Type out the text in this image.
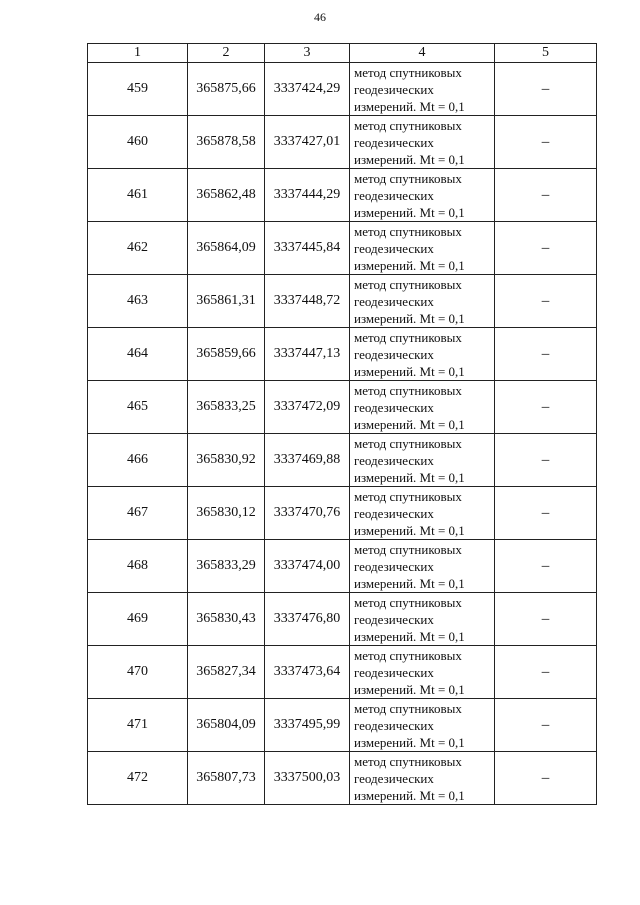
46
1	2	3	4	5
459	365875,66	3337424,29	метод спутниковых
геодезических
измерений. Mt = 0,1	–
460	365878,58	3337427,01	метод спутниковых
геодезических
измерений. Mt = 0,1	–
461	365862,48	3337444,29	метод спутниковых
геодезических
измерений. Mt = 0,1	–
462	365864,09	3337445,84	метод спутниковых
геодезических
измерений. Mt = 0,1	–
463	365861,31	3337448,72	метод спутниковых
геодезических
измерений. Mt = 0,1	–
464	365859,66	3337447,13	метод спутниковых
геодезических
измерений. Mt = 0,1	–
465	365833,25	3337472,09	метод спутниковых
геодезических
измерений. Mt = 0,1	–
466	365830,92	3337469,88	метод спутниковых
геодезических
измерений. Mt = 0,1	–
467	365830,12	3337470,76	метод спутниковых
геодезических
измерений. Mt = 0,1	–
468	365833,29	3337474,00	метод спутниковых
геодезических
измерений. Mt = 0,1	–
469	365830,43	3337476,80	метод спутниковых
геодезических
измерений. Mt = 0,1	–
470	365827,34	3337473,64	метод спутниковых
геодезических
измерений. Mt = 0,1	–
471	365804,09	3337495,99	метод спутниковых
геодезических
измерений. Mt = 0,1	–
472	365807,73	3337500,03	метод спутниковых
геодезических
измерений. Mt = 0,1	–
